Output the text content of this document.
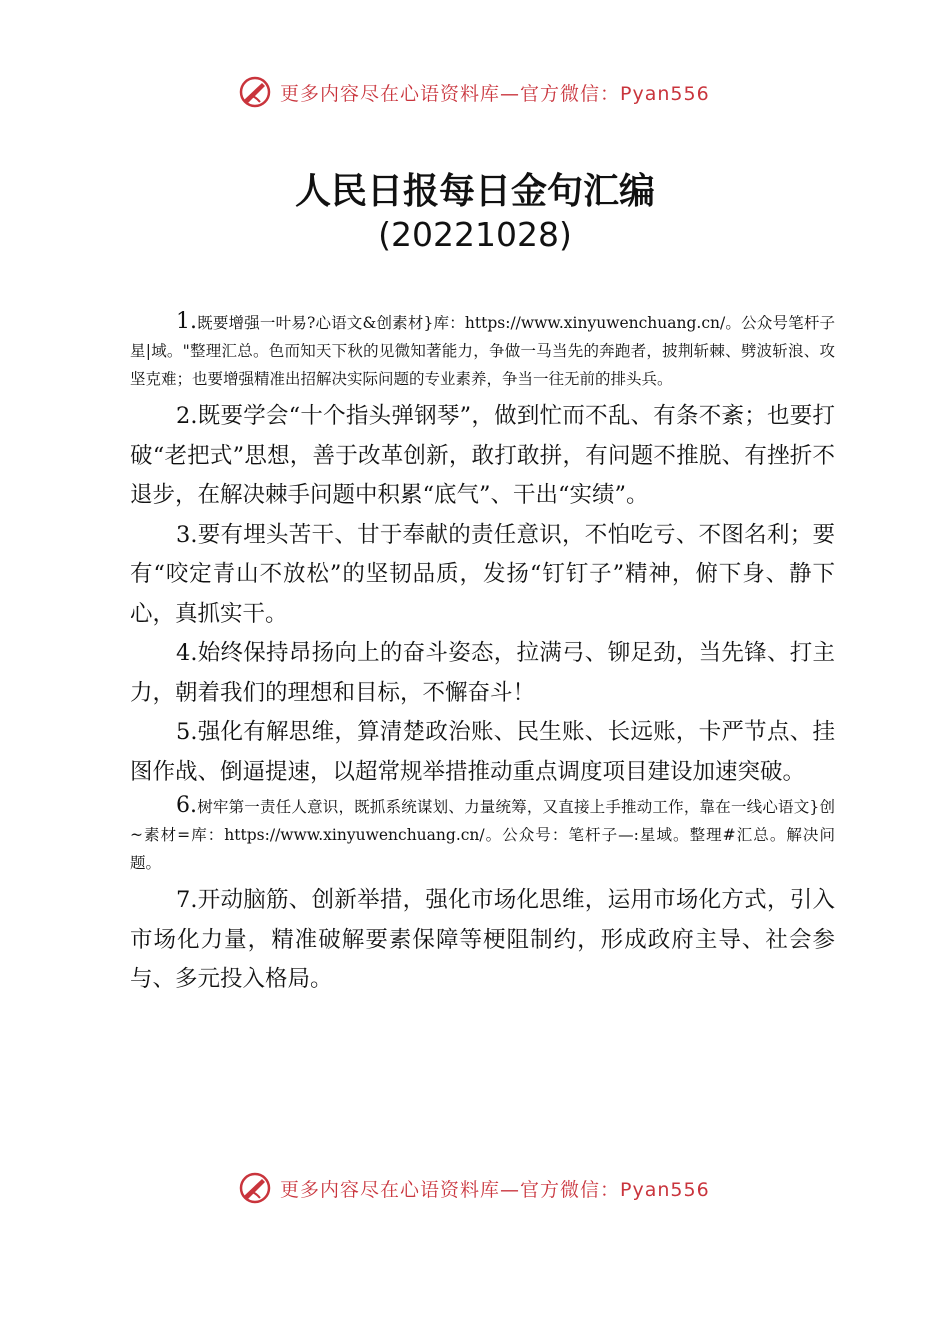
更多内容尽在心语资料库—官方微信：Pyan556
人民日报每日金句汇编
(20221028)

1.既要增强一叶易?心语文&创素材}库：https://www.xinyuwenchuang.cn/。公众号笔杆子星|域。"整理汇总。色而知天下秋的见微知著能力，争做一马当先的奔跑者，披荆斩棘、劈波斩浪、攻坚克难；也要增强精准出招解决实际问题的专业素养，争当一往无前的排头兵。

2.既要学会“十个指头弹钢琴”，做到忙而不乱、有条不紊；也要打破“老把式”思想，善于改革创新，敢打敢拼，有问题不推脱、有挫折不退步，在解决棘手问题中积累“底气”、干出“实绩”。

3.要有埋头苦干、甘于奉献的责任意识，不怕吃亏、不图名利；要有“咬定青山不放松”的坚韧品质，发扬“钉钉子”精神，俯下身、静下心，真抓实干。

4.始终保持昂扬向上的奋斗姿态，拉满弓、铆足劲，当先锋、打主力，朝着我们的理想和目标，不懈奋斗！

5.强化有解思维，算清楚政治账、民生账、长远账，卡严节点、挂图作战、倒逼提速，以超常规举措推动重点调度项目建设加速突破。

6.树牢第一责任人意识，既抓系统谋划、力量统筹，又直接上手推动工作，靠在一线心语文}创~素材=库：https://www.xinyuwenchuang.cn/。公众号：笔杆子—:星域。整理#汇总。解决问题。

7.开动脑筋、创新举措，强化市场化思维，运用市场化方式，引入市场化力量，精准破解要素保障等梗阻制约，形成政府主导、社会参与、多元投入格局。

更多内容尽在心语资料库—官方微信：Pyan556
